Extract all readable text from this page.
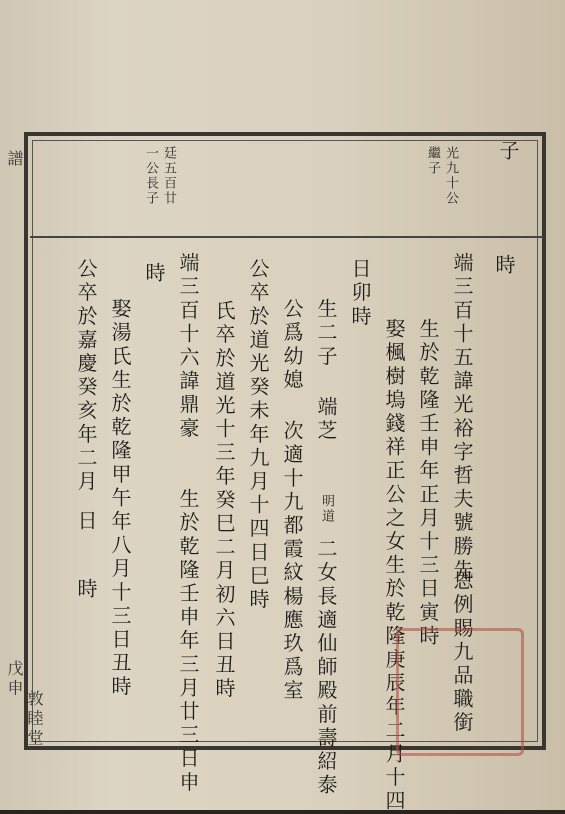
子
光九十公
繼子
廷五百廿
一公長子
時
端三百十五諱光裕字哲夫號勝先
恩例賜九品職銜
生於乾隆壬申年正月十三日寅時
娶楓樹塢錢祥正公之女生於乾隆庚辰年二月十四
日卯時
生二子
端芝
明道
二女長適仙師殿前壽紹泰
公爲幼媳
次適十九都霞紋楊應玖爲室
公卒於道光癸未年九月十四日巳時
氏卒於道光十三年癸巳二月初六日丑時
端三百十六諱鼎豪
生於乾隆壬申年三月廿三日申
時
娶湯氏生於乾隆甲午年八月十三日丑時
公卒於嘉慶癸亥年二月
日
時
譜
戊申
敦睦堂
